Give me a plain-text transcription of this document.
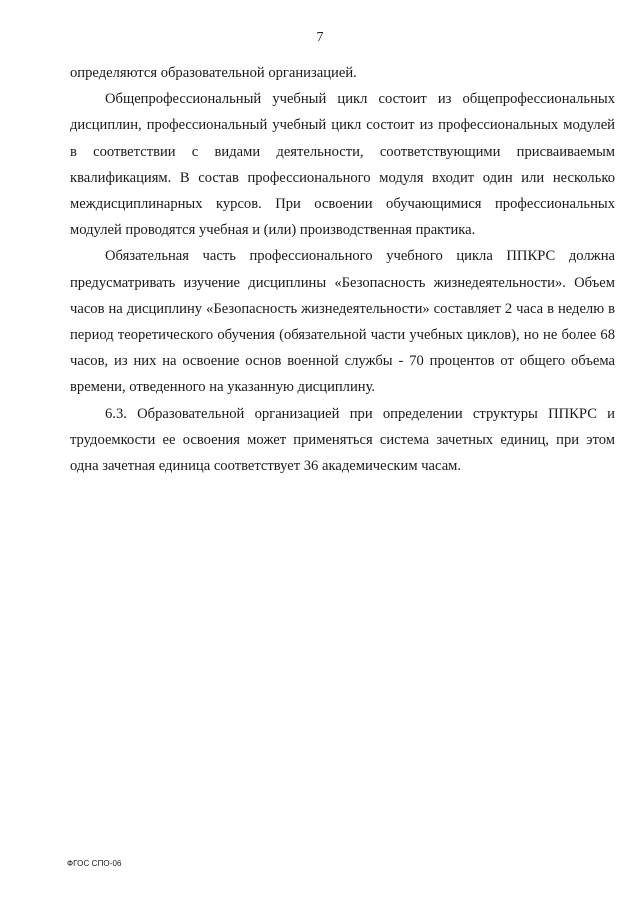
7

определяются образовательной организацией.

Общепрофессиональный учебный цикл состоит из общепрофессиональных дисциплин, профессиональный учебный цикл состоит из профессиональных модулей в соответствии с видами деятельности, соответствующими присваиваемым квалификациям. В состав профессионального модуля входит один или несколько междисциплинарных курсов. При освоении обучающимися профессиональных модулей проводятся учебная и (или) производственная практика.

Обязательная часть профессионального учебного цикла ППКРС должна предусматривать изучение дисциплины «Безопасность жизнедеятельности». Объем часов на дисциплину «Безопасность жизнедеятельности» составляет 2 часа в неделю в период теоретического обучения (обязательной части учебных циклов), но не более 68 часов, из них на освоение основ военной службы - 70 процентов от общего объема времени, отведенного на указанную дисциплину.

6.3. Образовательной организацией при определении структуры ППКРС и трудоемкости ее освоения может применяться система зачетных единиц, при этом одна зачетная единица соответствует 36 академическим часам.

ФГОС СПО-06
